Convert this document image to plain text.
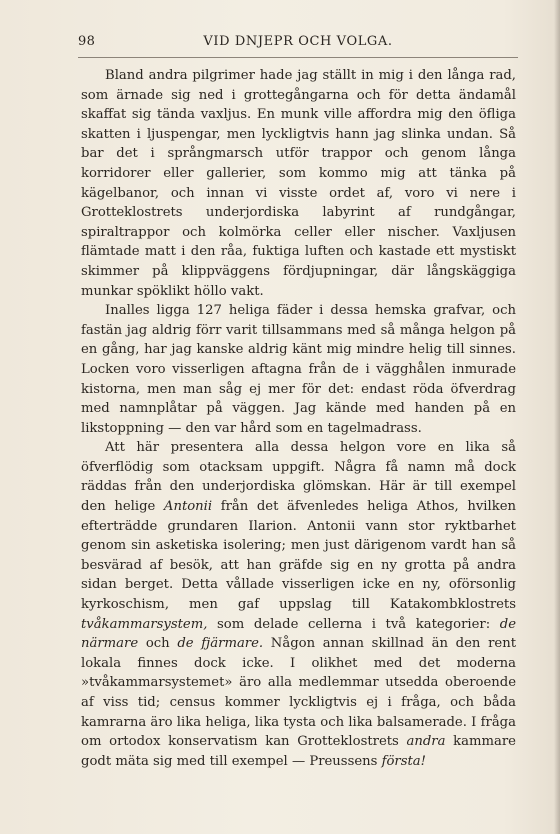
98	VID DNJEPR OCH VOLGA.

Bland andra pilgrimer hade jag ställt in mig i den långa rad, som ärnade sig ned i grottegångarna och för detta ändamål skaffat sig tända vaxljus. En munk ville affordra mig den öfliga skatten i ljuspengar, men lyckligtvis hann jag slinka undan. Så bar det i språngmarsch utför trappor och genom långa korridorer eller gallerier, som kommo mig att tänka på kägelbanor, och innan vi visste ordet af, voro vi nere i Grotteklostrets underjordiska labyrint af rundgångar, spiraltrappor och kolmörka celler eller nischer. Vaxljusen flämtade matt i den råa, fuktiga luften och kastade ett mystiskt skimmer på klippväggens fördjupningar, där långskäggiga munkar spöklikt höllo vakt.

Inalles ligga 127 heliga fäder i dessa hemska grafvar, och fastän jag aldrig förr varit tillsammans med så många helgon på en gång, har jag kanske aldrig känt mig mindre helig till sinnes. Locken voro visserligen aftagna från de i vägghålen inmurade kistorna, men man såg ej mer för det: endast röda öfverdrag med namnplåtar på väggen. Jag kände med handen på en likstoppning — den var hård som en tagelmadrass.

Att här presentera alla dessa helgon vore en lika så öfverflödig som otacksam uppgift. Några få namn må dock räddas från den underjordiska glömskan. Här är till exempel den helige Antonii från det äfvenledes heliga Athos, hvilken efterträdde grundaren Ilarion. Antonii vann stor ryktbarhet genom sin asketiska isolering; men just därigenom vardt han så besvärad af besök, att han gräfde sig en ny grotta på andra sidan berget. Detta vållade visserligen icke en ny, oförsonlig kyrkoschism, men gaf uppslag till Katakombklostrets tvåkammarsystem, som delade cellerna i två kategorier: de närmare och de fjärmare. Någon annan skillnad än den rent lokala finnes dock icke. I olikhet med det moderna »tvåkammarsystemet» äro alla medlemmar utsedda oberoende af viss tid; census kommer lyckligtvis ej i fråga, och båda kamrarna äro lika heliga, lika tysta och lika balsamerade. I fråga om ortodox konservatism kan Grotteklostrets andra kammare godt mäta sig med till exempel — Preussens första!
